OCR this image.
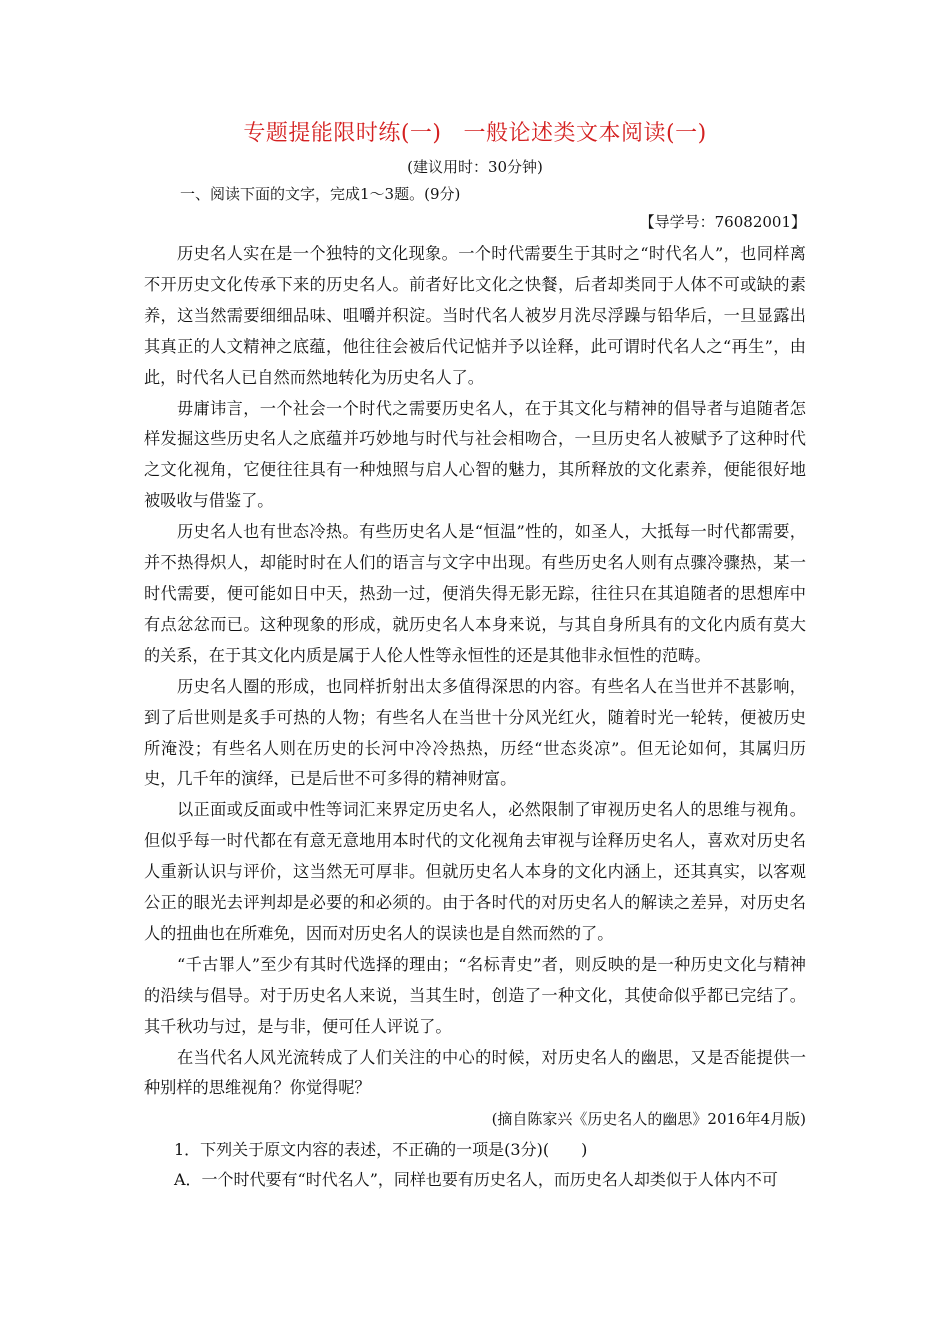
专题提能限时练(一) 一般论述类文本阅读(一)
(建议用时：30分钟)
一、阅读下面的文字，完成1～3题。(9分)
【导学号：76082001】

历史名人实在是一个独特的文化现象。一个时代需要生于其时之“时代名人”，也同样离不开历史文化传承下来的历史名人。前者好比文化之快餐，后者却类同于人体不可或缺的素养，这当然需要细细品味、咀嚼并积淀。当时代名人被岁月洗尽浮躁与铅华后，一旦显露出其真正的人文精神之底蕴，他往往会被后代记惦并予以诠释，此可谓时代名人之“再生”，由此，时代名人已自然而然地转化为历史名人了。

毋庸讳言，一个社会一个时代之需要历史名人，在于其文化与精神的倡导者与追随者怎样发掘这些历史名人之底蕴并巧妙地与时代与社会相吻合，一旦历史名人被赋予了这种时代之文化视角，它便往往具有一种烛照与启人心智的魅力，其所释放的文化素养，便能很好地被吸收与借鉴了。

历史名人也有世态冷热。有些历史名人是“恒温”性的，如圣人，大抵每一时代都需要，并不热得炽人，却能时时在人们的语言与文字中出现。有些历史名人则有点骤冷骤热，某一时代需要，便可能如日中天，热劲一过，便消失得无影无踪，往往只在其追随者的思想库中有点忿忿而已。这种现象的形成，就历史名人本身来说，与其自身所具有的文化内质有莫大的关系，在于其文化内质是属于人伦人性等永恒性的还是其他非永恒性的范畴。

历史名人圈的形成，也同样折射出太多值得深思的内容。有些名人在当世并不甚影响，到了后世则是炙手可热的人物；有些名人在当世十分风光红火，随着时光一轮转，便被历史所淹没；有些名人则在历史的长河中冷冷热热，历经“世态炎凉”。但无论如何，其属归历史，几千年的演绎，已是后世不可多得的精神财富。

以正面或反面或中性等词汇来界定历史名人，必然限制了审视历史名人的思维与视角。但似乎每一时代都在有意无意地用本时代的文化视角去审视与诠释历史名人，喜欢对历史名人重新认识与评价，这当然无可厚非。但就历史名人本身的文化内涵上，还其真实，以客观公正的眼光去评判却是必要的和必须的。由于各时代的对历史名人的解读之差异，对历史名人的扭曲也在所难免，因而对历史名人的误读也是自然而然的了。

“千古罪人”至少有其时代选择的理由；“名标青史”者，则反映的是一种历史文化与精神的沿续与倡导。对于历史名人来说，当其生时，创造了一种文化，其使命似乎都已完结了。其千秋功与过，是与非，便可任人评说了。

在当代名人风光流转成了人们关注的中心的时候，对历史名人的幽思，又是否能提供一种别样的思维视角？你觉得呢？

(摘自陈家兴《历史名人的幽思》2016年4月版)
1．下列关于原文内容的表述，不正确的一项是(3分)(　　)
A．一个时代要有“时代名人”，同样也要有历史名人，而历史名人却类似于人体内不可
